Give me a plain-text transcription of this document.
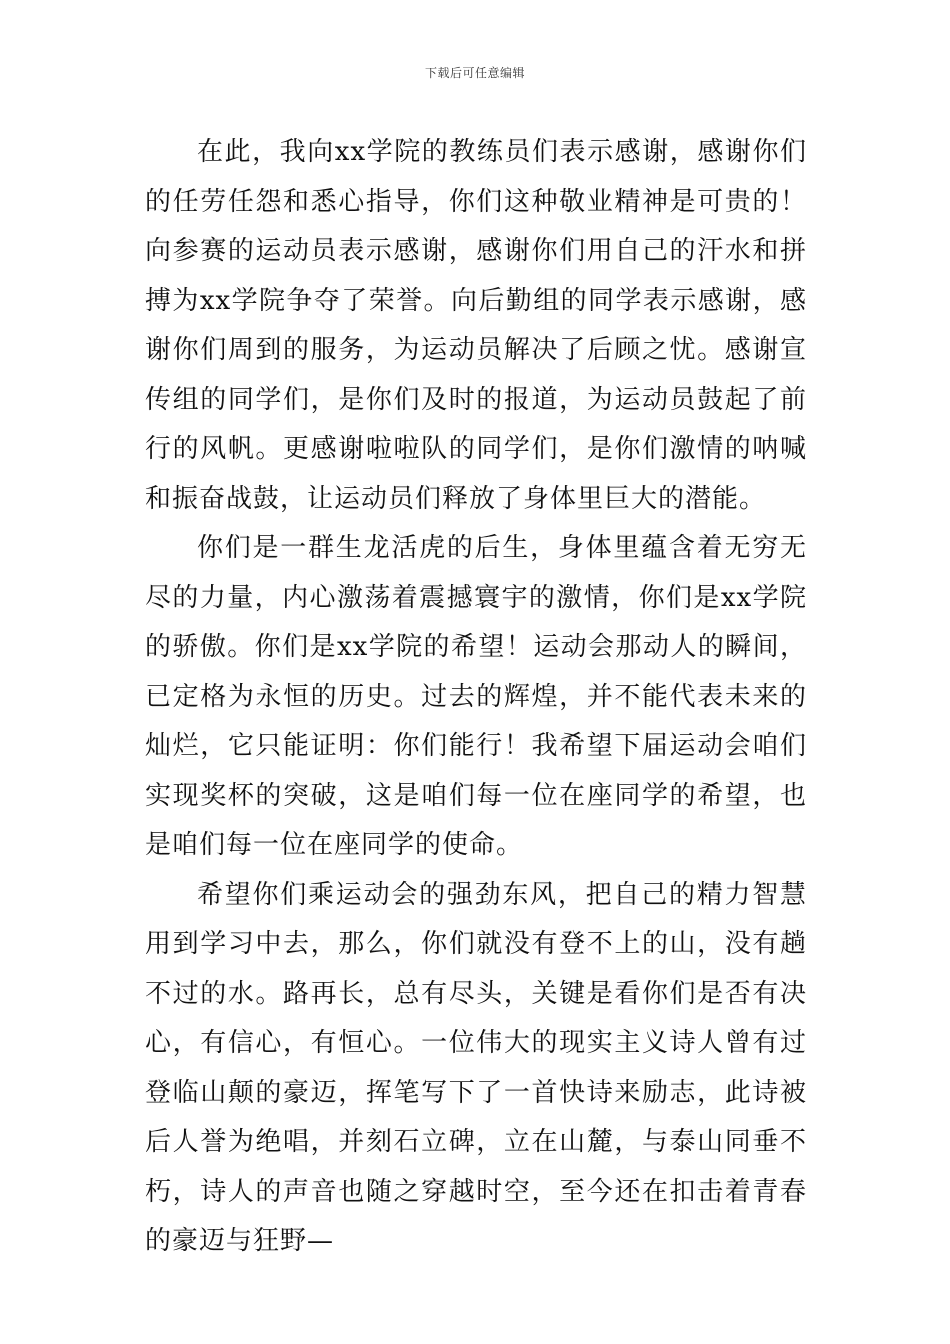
下载后可任意编辑

在此，我向xx学院的教练员们表示感谢，感谢你们的任劳任怨和悉心指导，你们这种敬业精神是可贵的！向参赛的运动员表示感谢，感谢你们用自己的汗水和拼搏为xx学院争夺了荣誉。向后勤组的同学表示感谢，感谢你们周到的服务，为运动员解决了后顾之忧。感谢宣传组的同学们，是你们及时的报道，为运动员鼓起了前行的风帆。更感谢啦啦队的同学们，是你们激情的呐喊和振奋战鼓，让运动员们释放了身体里巨大的潜能。

你们是一群生龙活虎的后生，身体里蕴含着无穷无尽的力量，内心激荡着震撼寰宇的激情，你们是xx学院的骄傲。你们是xx学院的希望！运动会那动人的瞬间，已定格为永恒的历史。过去的辉煌，并不能代表未来的灿烂，它只能证明：你们能行！我希望下届运动会咱们实现奖杯的突破，这是咱们每一位在座同学的希望，也是咱们每一位在座同学的使命。

希望你们乘运动会的强劲东风，把自己的精力智慧用到学习中去，那么，你们就没有登不上的山，没有趟不过的水。路再长，总有尽头，关键是看你们是否有决心，有信心，有恒心。一位伟大的现实主义诗人曾有过登临山颠的豪迈，挥笔写下了一首快诗来励志，此诗被后人誉为绝唱，并刻石立碑，立在山麓，与泰山同垂不朽，诗人的声音也随之穿越时空，至今还在扣击着青春的豪迈与狂野—
